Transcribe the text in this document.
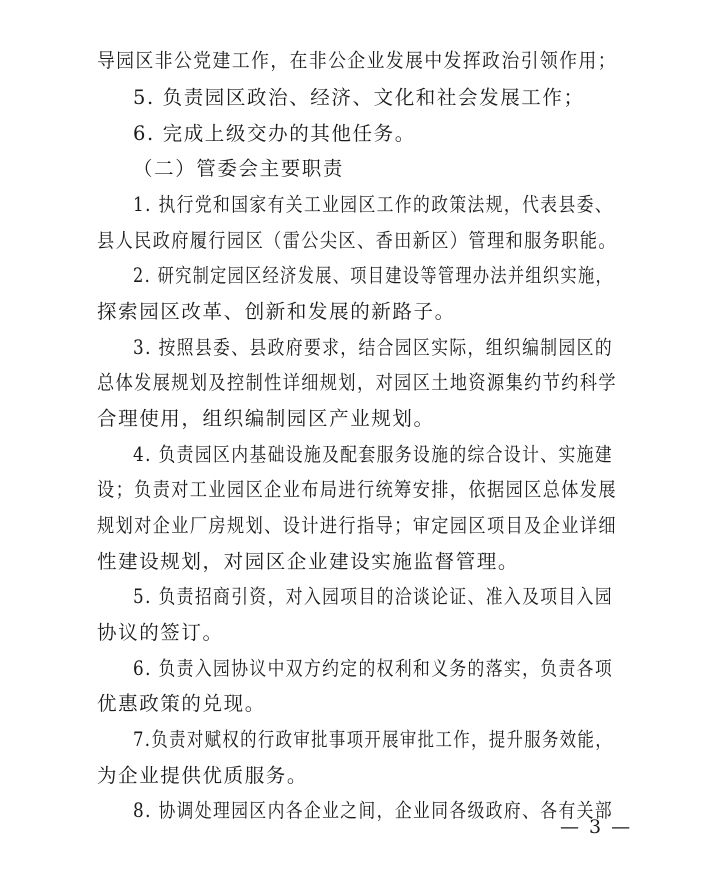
导园区非公党建工作，在非公企业发展中发挥政治引领作用；
5. 负责园区政治、经济、文化和社会发展工作；
6. 完成上级交办的其他任务。
（二）管委会主要职责
1. 执行党和国家有关工业园区工作的政策法规，代表县委、
县人民政府履行园区（雷公尖区、香田新区）管理和服务职能。
2. 研究制定园区经济发展、项目建设等管理办法并组织实施，
探索园区改革、创新和发展的新路子。
3. 按照县委、县政府要求，结合园区实际，组织编制园区的
总体发展规划及控制性详细规划，对园区土地资源集约节约科学
合理使用，组织编制园区产业规划。
4. 负责园区内基础设施及配套服务设施的综合设计、实施建
设；负责对工业园区企业布局进行统筹安排，依据园区总体发展
规划对企业厂房规划、设计进行指导；审定园区项目及企业详细
性建设规划，对园区企业建设实施监督管理。
5. 负责招商引资，对入园项目的洽谈论证、准入及项目入园
协议的签订。
6. 负责入园协议中双方约定的权利和义务的落实，负责各项
优惠政策的兑现。
7.负责对赋权的行政审批事项开展审批工作，提升服务效能，
为企业提供优质服务。
8. 协调处理园区内各企业之间，企业同各级政府、各有关部
— 3 —
